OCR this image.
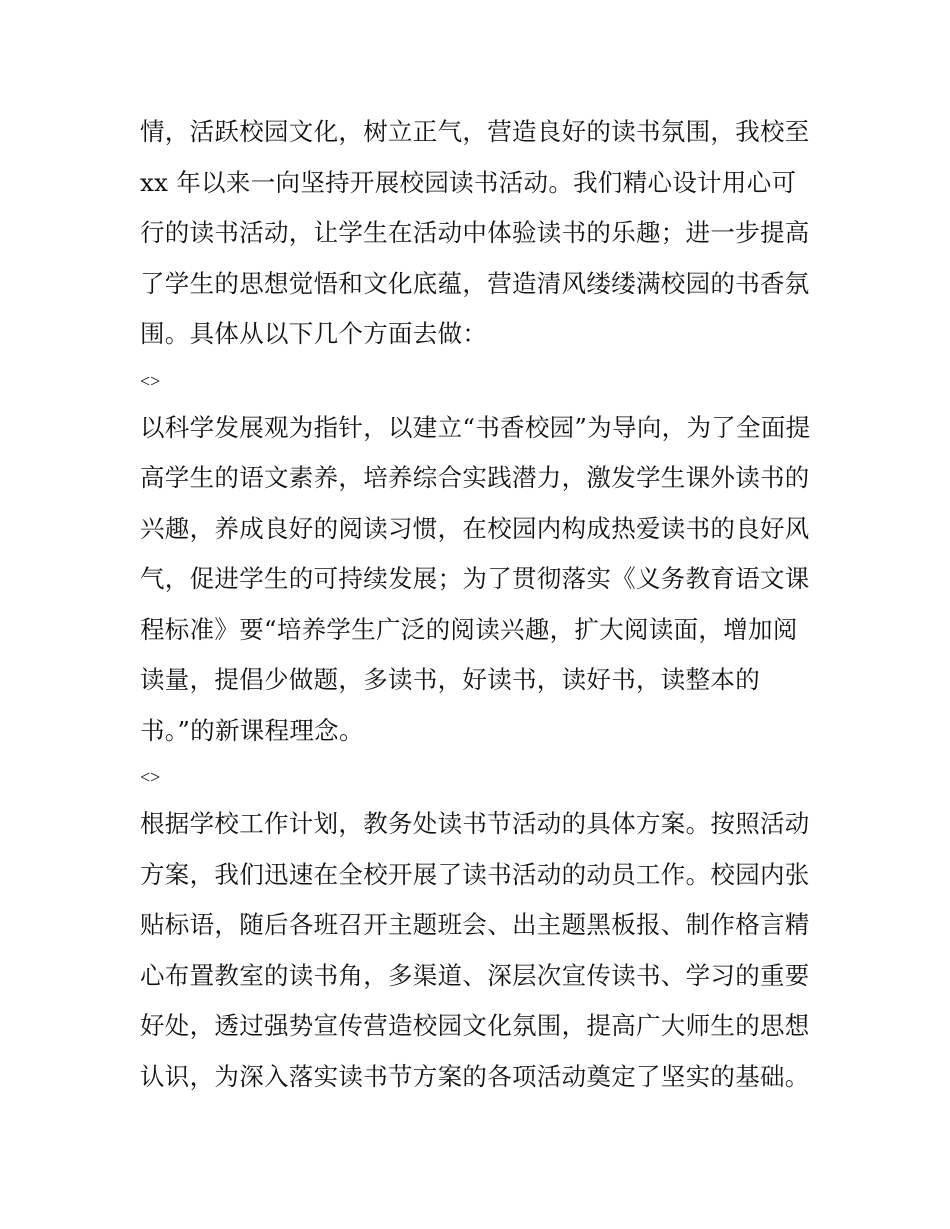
情，活跃校园文化，树立正气，营造良好的读书氛围，我校至
xx 年以来一向坚持开展校园读书活动。我们精心设计用心可
行的读书活动，让学生在活动中体验读书的乐趣；进一步提高
了学生的思想觉悟和文化底蕴，营造清风缕缕满校园的书香氛
围。具体从以下几个方面去做：
<>
以科学发展观为指针，以建立“书香校园”为导向，为了全面提
高学生的语文素养，培养综合实践潜力，激发学生课外读书的
兴趣，养成良好的阅读习惯，在校园内构成热爱读书的良好风
气，促进学生的可持续发展；为了贯彻落实《义务教育语文课
程标准》要“培养学生广泛的阅读兴趣，扩大阅读面，增加阅
读量，提倡少做题，多读书，好读书，读好书，读整本的
书。”的新课程理念。
<>
根据学校工作计划，教务处读书节活动的具体方案。按照活动
方案，我们迅速在全校开展了读书活动的动员工作。校园内张
贴标语，随后各班召开主题班会、出主题黑板报、制作格言精
心布置教室的读书角，多渠道、深层次宣传读书、学习的重要
好处，透过强势宣传营造校园文化氛围，提高广大师生的思想
认识，为深入落实读书节方案的各项活动奠定了坚实的基础。
